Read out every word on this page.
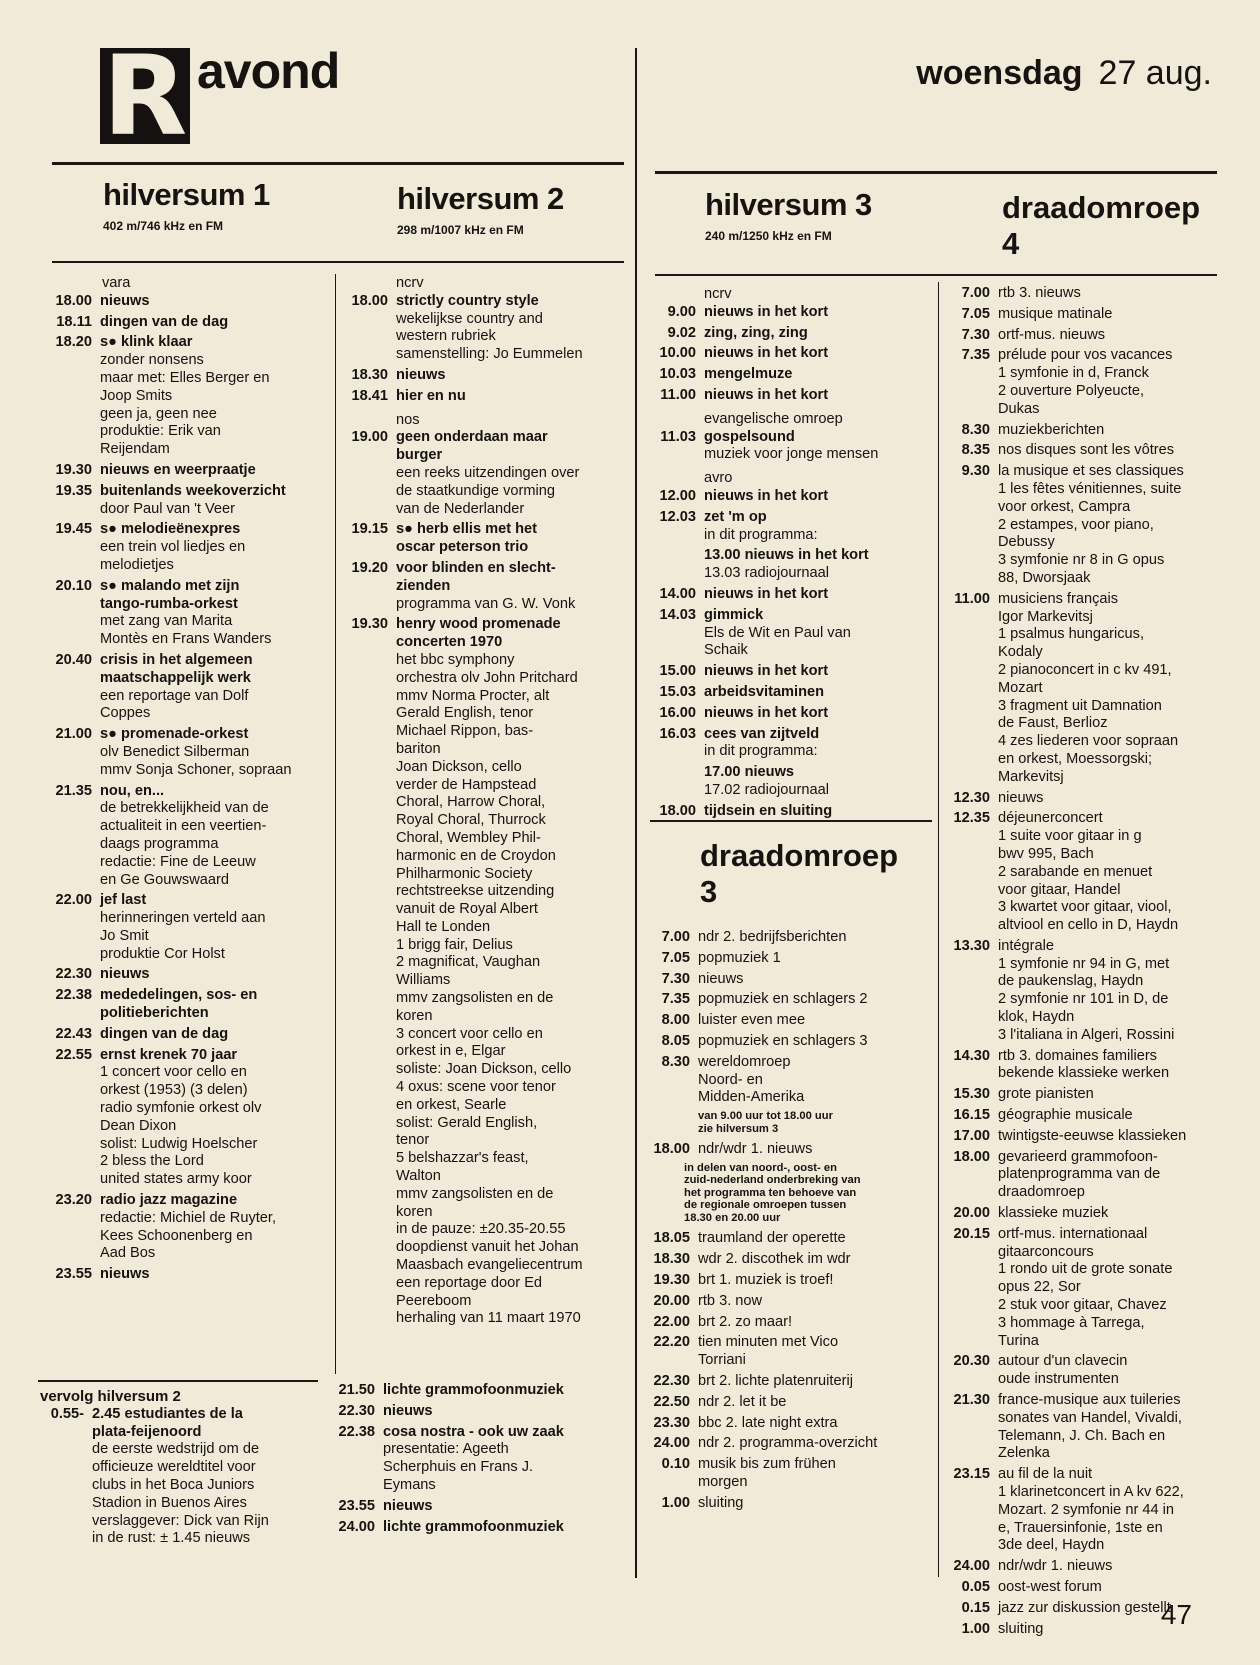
R avond	woensdag 27 aug.
hilversum 1
402 m/746 kHz en FM
hilversum 2
298 m/1007 kHz en FM
hilversum 3
240 m/1250 kHz en FM
draadomroep
4
draadomroep
3
vara
18.00 nieuws
18.11 dingen van de dag
18.20 s● klink klaar
zonder nonsens
maar met: Elles Berger en
Joop Smits
geen ja, geen nee
produktie: Erik van
Reijendam
19.30 nieuws en weerpraatje
19.35 buitenlands weekoverzicht
door Paul van 't Veer
19.45 s● melodieënexpres
een trein vol liedjes en
melodietjes
20.10 s● malando met zijn
tango-rumba-orkest
met zang van Marita
Montès en Frans Wanders
20.40 crisis in het algemeen
maatschappelijk werk
een reportage van Dolf
Coppes
21.00 s● promenade-orkest
olv Benedict Silberman
mmv Sonja Schoner, sopraan
21.35 nou, en...
de betrekkelijkheid van de
actualiteit in een veertien-
daags programma
redactie: Fine de Leeuw
en Ge Gouwswaard
22.00 jef last
herinneringen verteld aan
Jo Smit
produktie Cor Holst
22.30 nieuws
22.38 mededelingen, sos- en
politieberichten
22.43 dingen van de dag
22.55 ernst krenek 70 jaar
1 concert voor cello en
orkest (1953) (3 delen)
radio symfonie orkest olv
Dean Dixon
solist: Ludwig Hoelscher
2 bless the Lord
united states army koor
23.20 radio jazz magazine
redactie: Michiel de Ruyter,
Kees Schoonenberg en
Aad Bos
23.55 nieuws
vervolg hilversum 2
0.55- 2.45 estudiantes de la
plata-feijenoord
de eerste wedstrijd om de
officieuze wereldtitel voor
clubs in het Boca Juniors
Stadion in Buenos Aires
verslaggever: Dick van Rijn
in de rust: ± 1.45 nieuws
ncrv
18.00 strictly country style
wekelijkse country and
western rubriek
samenstelling: Jo Eummelen
18.30 nieuws
18.41 hier en nu
nos
19.00 geen onderdaan maar
burger
een reeks uitzendingen over
de staatkundige vorming
van de Nederlander
19.15 s● herb ellis met het
oscar peterson trio
19.20 voor blinden en slecht-
zienden
programma van G. W. Vonk
19.30 henry wood promenade
concerten 1970
het bbc symphony
orchestra olv John Pritchard
mmv Norma Procter, alt
Gerald English, tenor
Michael Rippon, bas-
bariton
Joan Dickson, cello
verder de Hampstead
Choral, Harrow Choral,
Royal Choral, Thurrock
Choral, Wembley Phil-
harmonic en de Croydon
Philharmonic Society
rechtstreekse uitzending
vanuit de Royal Albert
Hall te Londen
1 brigg fair, Delius
2 magnificat, Vaughan
Williams
mmv zangsolisten en de
koren
3 concert voor cello en
orkest in e, Elgar
soliste: Joan Dickson, cello
4 oxus: scene voor tenor
en orkest, Searle
solist: Gerald English,
tenor
5 belshazzar's feast,
Walton
mmv zangsolisten en de
koren
in de pauze: ±20.35-20.55
doopdienst vanuit het Johan
Maasbach evangeliecentrum
een reportage door Ed
Peereboom
herhaling van 11 maart 1970
21.50 lichte grammofoonmuziek
22.30 nieuws
22.38 cosa nostra - ook uw zaak
presentatie: Ageeth
Scherphuis en Frans J.
Eymans
23.55 nieuws
24.00 lichte grammofoonmuziek
ncrv
9.00 nieuws in het kort
9.02 zing, zing, zing
10.00 nieuws in het kort
10.03 mengelmuze
11.00 nieuws in het kort
evangelische omroep
11.03 gospelsound
muziek voor jonge mensen
avro
12.00 nieuws in het kort
12.03 zet 'm op
in dit programma:
13.00 nieuws in het kort
13.03 radiojournaal
14.00 nieuws in het kort
14.03 gimmick
Els de Wit en Paul van
Schaik
15.00 nieuws in het kort
15.03 arbeidsvitaminen
16.00 nieuws in het kort
16.03 cees van zijtveld
in dit programma:
17.00 nieuws
17.02 radiojournaal
18.00 tijdsein en sluiting
7.00 ndr 2. bedrijfsberichten
7.05 popmuziek 1
7.30 nieuws
7.35 popmuziek en schlagers 2
8.00 luister even mee
8.05 popmuziek en schlagers 3
8.30 wereldomroep
Noord- en
Midden-Amerika
van 9.00 uur tot 18.00 uur
zie hilversum 3
18.00 ndr/wdr 1. nieuws
in delen van noord-, oost- en
zuid-nederland onderbreking van
het programma ten behoeve van
de regionale omroepen tussen
18.30 en 20.00 uur
18.05 traumland der operette
18.30 wdr 2. discothek im wdr
19.30 brt 1. muziek is troef!
20.00 rtb 3. now
22.00 brt 2. zo maar!
22.20 tien minuten met Vico
Torriani
22.30 brt 2. lichte platenruiterij
22.50 ndr 2. let it be
23.30 bbc 2. late night extra
24.00 ndr 2. programma-overzicht
0.10 musik bis zum frühen
morgen
1.00 sluiting
7.00 rtb 3. nieuws
7.05 musique matinale
7.30 ortf-mus. nieuws
7.35 prélude pour vos vacances
1 symfonie in d, Franck
2 ouverture Polyeucte,
Dukas
8.30 muziekberichten
8.35 nos disques sont les vôtres
9.30 la musique et ses classiques
1 les fêtes vénitiennes, suite
voor orkest, Campra
2 estampes, voor piano,
Debussy
3 symfonie nr 8 in G opus
88, Dworsjaak
11.00 musiciens français
Igor Markevitsj
1 psalmus hungaricus,
Kodaly
2 pianoconcert in c kv 491,
Mozart
3 fragment uit Damnation
de Faust, Berlioz
4 zes liederen voor sopraan
en orkest, Moessorgski;
Markevitsj
12.30 nieuws
12.35 déjeunerconcert
1 suite voor gitaar in g
bwv 995, Bach
2 sarabande en menuet
voor gitaar, Handel
3 kwartet voor gitaar, viool,
altviool en cello in D, Haydn
13.30 intégrale
1 symfonie nr 94 in G, met
de paukenslag, Haydn
2 symfonie nr 101 in D, de
klok, Haydn
3 l'italiana in Algeri, Rossini
14.30 rtb 3. domaines familiers
bekende klassieke werken
15.30 grote pianisten
16.15 géographie musicale
17.00 twintigste-eeuwse klassieken
18.00 gevarieerd grammofoon-
platenprogramma van de
draadomroep
20.00 klassieke muziek
20.15 ortf-mus. internationaal
gitaarconcours
1 rondo uit de grote sonate
opus 22, Sor
2 stuk voor gitaar, Chavez
3 hommage à Tarrega,
Turina
20.30 autour d'un clavecin
oude instrumenten
21.30 france-musique aux tuileries
sonates van Handel, Vivaldi,
Telemann, J. Ch. Bach en
Zelenka
23.15 au fil de la nuit
1 klarinetconcert in A kv 622,
Mozart. 2 symfonie nr 44 in
e, Trauersinfonie, 1ste en
3de deel, Haydn
24.00 ndr/wdr 1. nieuws
0.05 oost-west forum
0.15 jazz zur diskussion gestellt
1.00 sluiting	47
